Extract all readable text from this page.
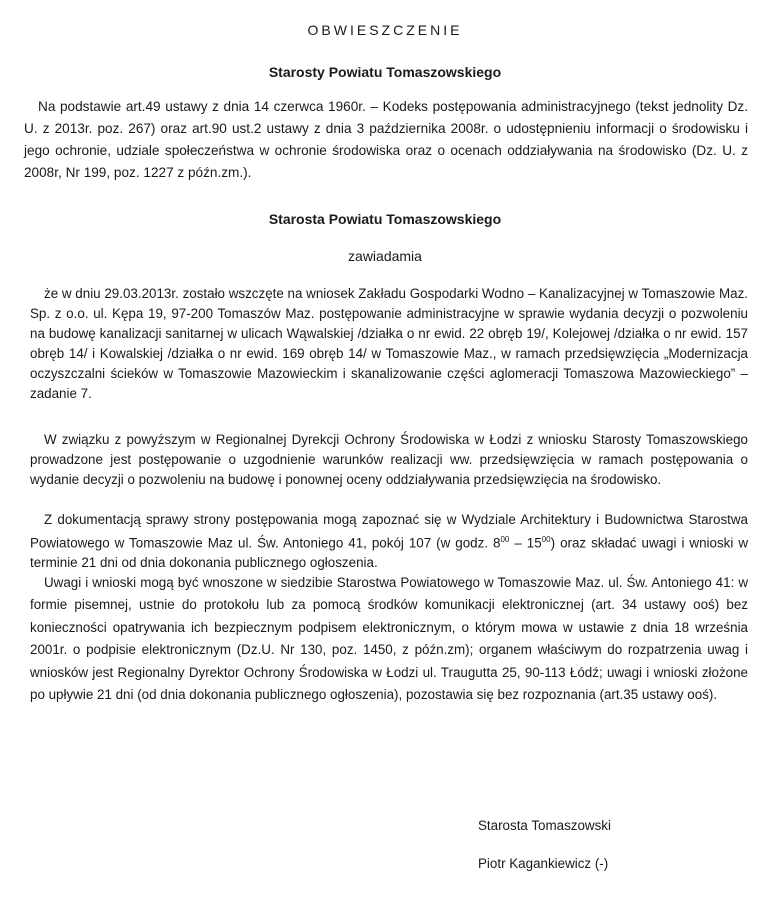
OBWIESZCZENIE
Starosty Powiatu Tomaszowskiego

Na podstawie art.49 ustawy z dnia 14 czerwca 1960r. – Kodeks postępowania administracyjnego (tekst jednolity Dz. U. z 2013r. poz. 267) oraz art.90 ust.2 ustawy z dnia 3 października 2008r. o udostępnieniu informacji o środowisku i jego ochronie, udziale społeczeństwa w ochronie środowiska oraz o ocenach oddziaływania na środowisko (Dz. U. z 2008r, Nr 199, poz. 1227 z późn.zm.).

Starosta Powiatu Tomaszowskiego
zawiadamia

że w dniu 29.03.2013r. zostało wszczęte na wniosek Zakładu Gospodarki Wodno – Kanalizacyjnej w Tomaszowie Maz. Sp. z o.o. ul. Kępa 19, 97-200 Tomaszów Maz. postępowanie administracyjne w sprawie wydania decyzji o pozwoleniu na budowę kanalizacji sanitarnej w ulicach Wąwalskiej /działka o nr ewid. 22 obręb 19/, Kolejowej /działka o nr ewid. 157 obręb 14/ i Kowalskiej /działka o nr ewid. 169 obręb 14/ w Tomaszowie Maz., w ramach przedsięwzięcia „Modernizacja oczyszczalni ścieków w Tomaszowie Mazowieckim i skanalizowanie części aglomeracji Tomaszowa Mazowieckiego” – zadanie 7.

W związku z powyższym w Regionalnej Dyrekcji Ochrony Środowiska w Łodzi z wniosku Starosty Tomaszowskiego prowadzone jest postępowanie o uzgodnienie warunków realizacji ww. przedsięwzięcia w ramach postępowania o wydanie decyzji o pozwoleniu na budowę i ponownej oceny oddziaływania przedsięwzięcia na środowisko.

Z dokumentacją sprawy strony postępowania mogą zapoznać się w Wydziale Architektury i Budownictwa Starostwa Powiatowego w Tomaszowie Maz ul. Św. Antoniego 41, pokój 107 (w godz. $8^{00} - 15^{00}$) oraz składać uwagi i wnioski w terminie 21 dni od dnia dokonania publicznego ogłoszenia.

Uwagi i wnioski mogą być wnoszone w siedzibie Starostwa Powiatowego w Tomaszowie Maz. ul. Św. Antoniego 41: w formie pisemnej, ustnie do protokołu lub za pomocą środków komunikacji elektronicznej (art. 34 ustawy ooś) bez konieczności opatrywania ich bezpiecznym podpisem elektronicznym, o którym mowa w ustawie z dnia 18 września 2001r. o podpisie elektronicznym (Dz.U. Nr 130, poz. 1450, z późn.zm); organem właściwym do rozpatrzenia uwag i wniosków jest Regionalny Dyrektor Ochrony Środowiska w Łodzi ul. Traugutta 25, 90-113 Łódź; uwagi i wnioski złożone po upływie 21 dni (od dnia dokonania publicznego ogłoszenia), pozostawia się bez rozpoznania (art.35 ustawy ooś).

Starosta Tomaszowski
Piotr Kagankiewicz (-)
